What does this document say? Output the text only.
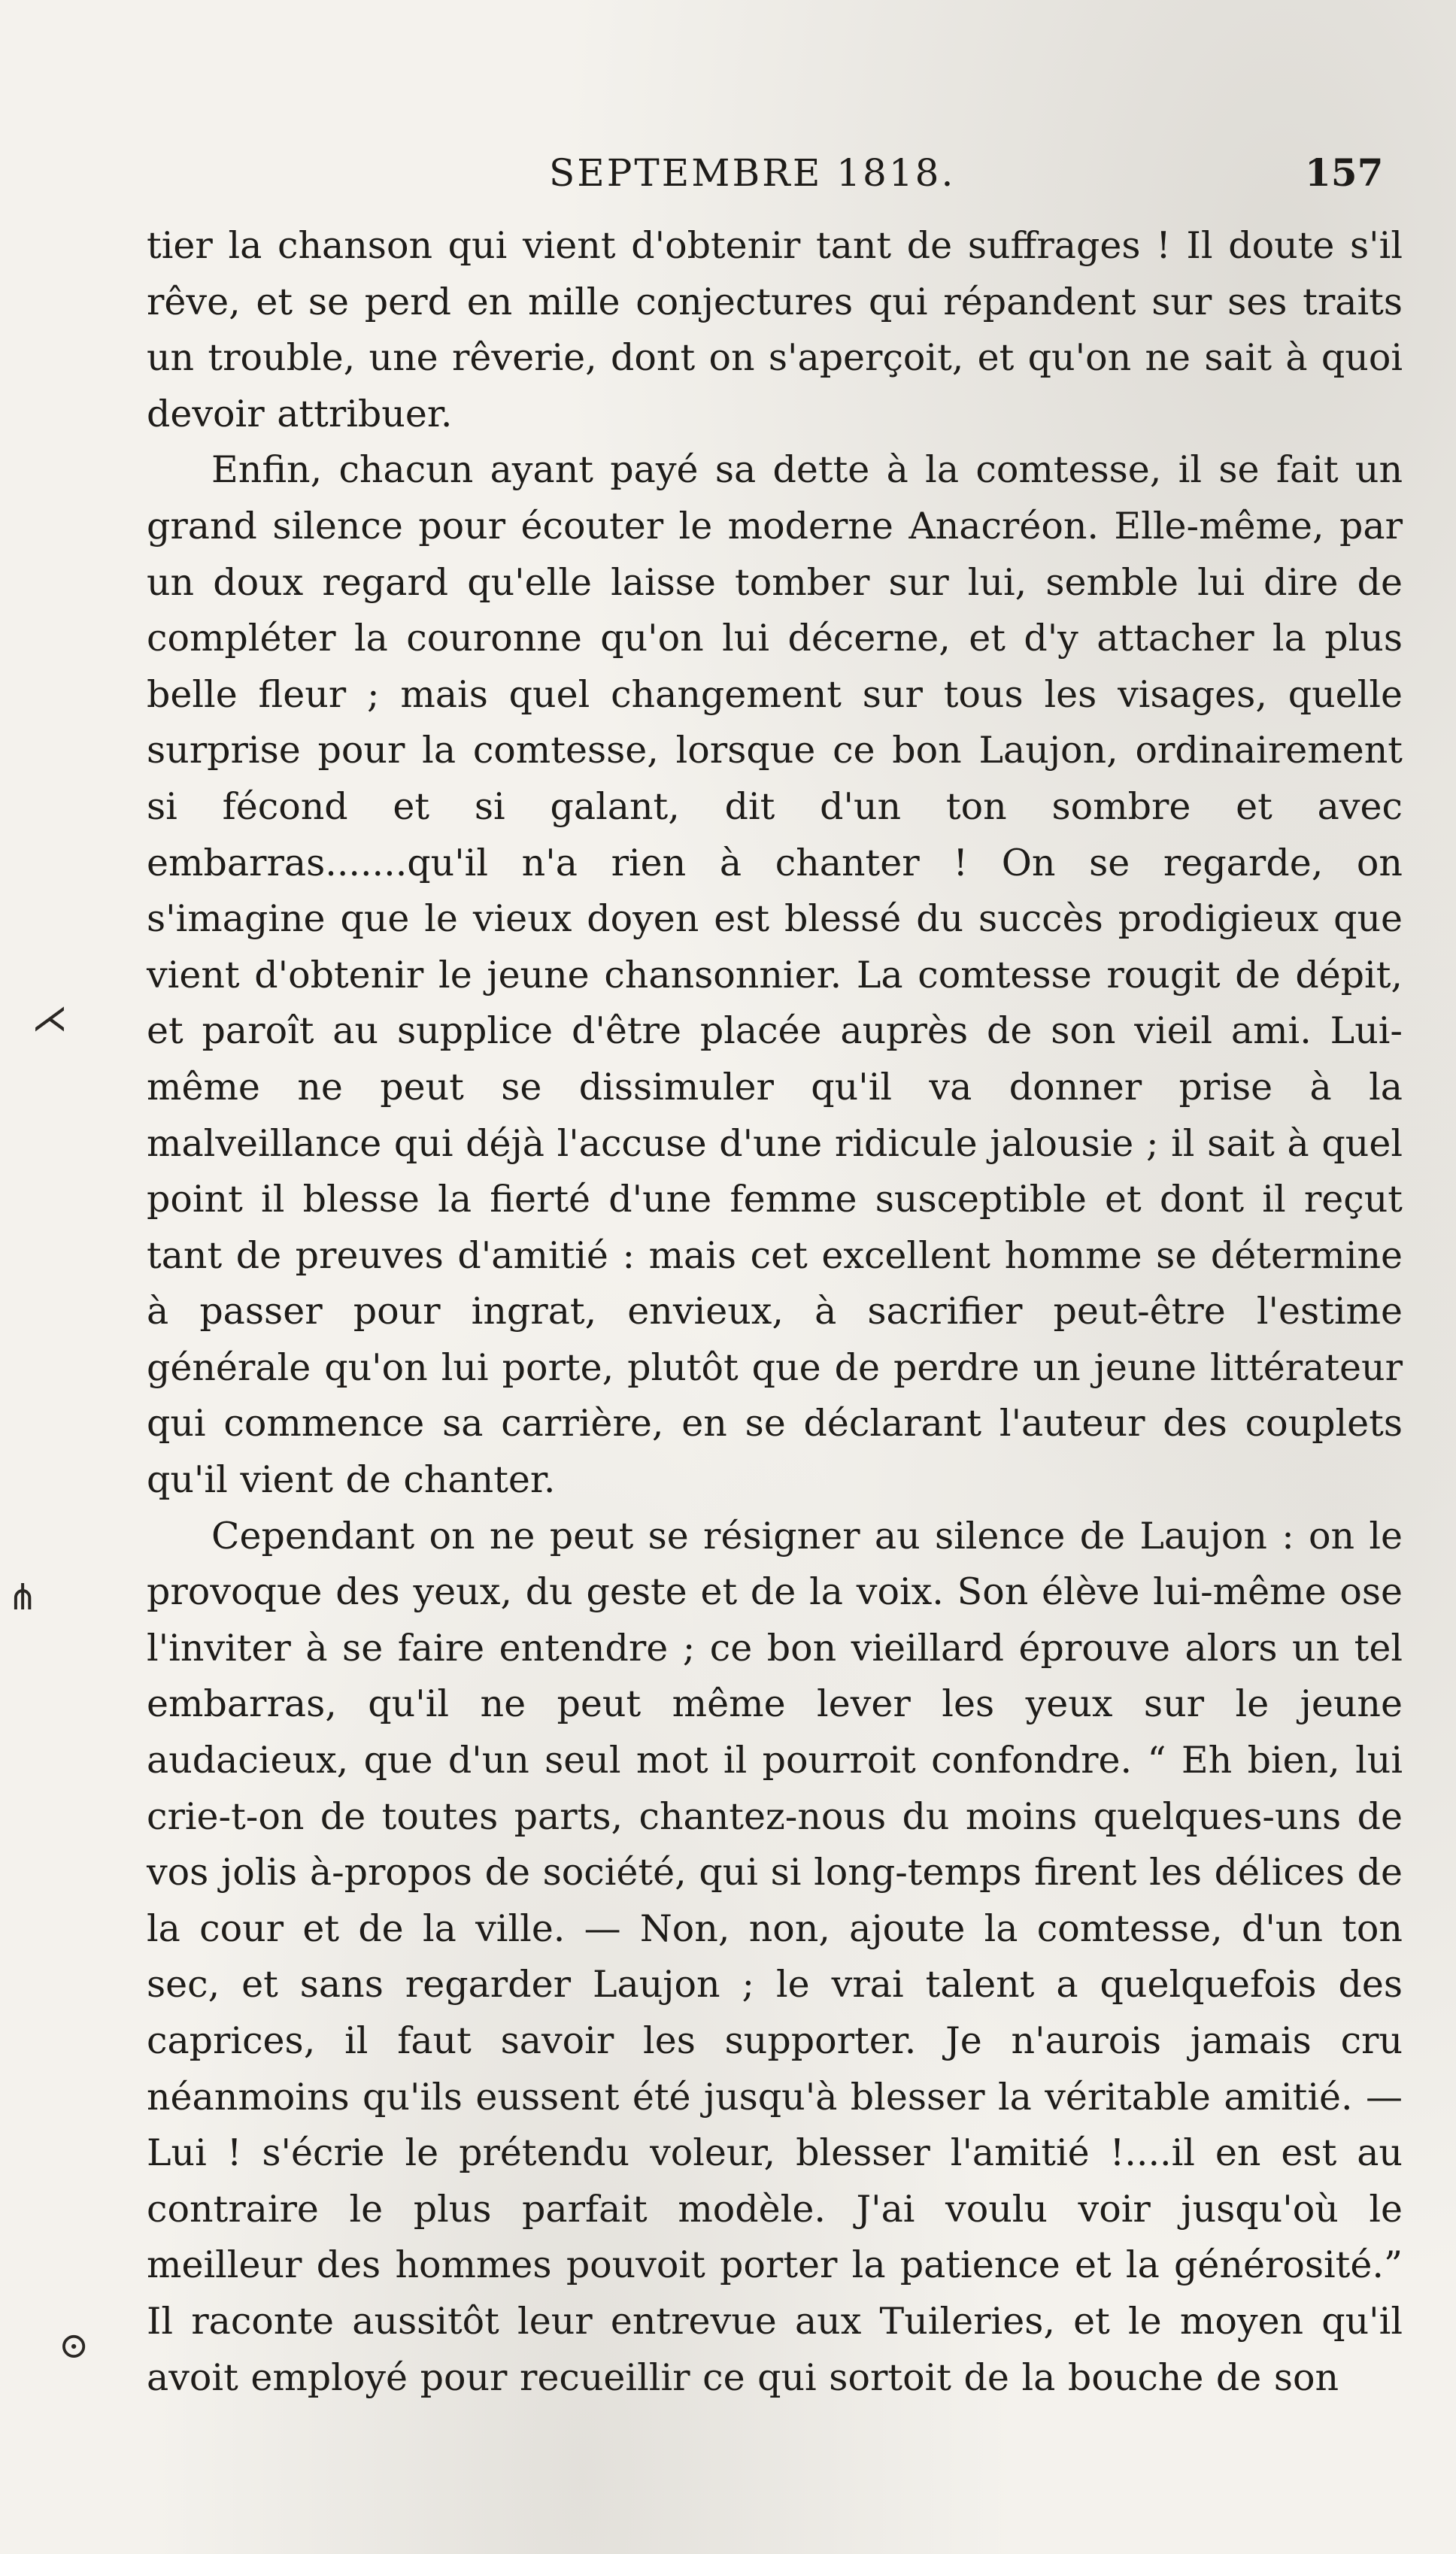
SEPTEMBRE 1818.	157

tier la chanson qui vient d'obtenir tant de suffrages ! Il doute s'il rêve, et se perd en mille conjectures qui répandent sur ses traits un trouble, une rêverie, dont on s'aperçoit, et qu'on ne sait à quoi devoir attribuer.

Enfin, chacun ayant payé sa dette à la comtesse, il se fait un grand silence pour écouter le moderne Anacréon. Elle-même, par un doux regard qu'elle laisse tomber sur lui, semble lui dire de compléter la couronne qu'on lui décerne, et d'y attacher la plus belle fleur ; mais quel changement sur tous les visages, quelle surprise pour la comtesse, lorsque ce bon Laujon, ordinairement si fécond et si galant, dit d'un ton sombre et avec embarras.......qu'il n'a rien à chanter ! On se regarde, on s'imagine que le vieux doyen est blessé du succès prodigieux que vient d'obtenir le jeune chansonnier. La comtesse rougit de dépit, et paroît au supplice d'être placée auprès de son vieil ami. Lui-même ne peut se dissimuler qu'il va donner prise à la malveillance qui déjà l'accuse d'une ridicule jalousie ; il sait à quel point il blesse la fierté d'une femme susceptible et dont il reçut tant de preuves d'amitié : mais cet excellent homme se détermine à passer pour ingrat, envieux, à sacrifier peut-être l'estime générale qu'on lui porte, plutôt que de perdre un jeune littérateur qui commence sa carrière, en se déclarant l'auteur des couplets qu'il vient de chanter.

Cependant on ne peut se résigner au silence de Laujon : on le provoque des yeux, du geste et de la voix. Son élève lui-même ose l'inviter à se faire entendre ; ce bon vieillard éprouve alors un tel embarras, qu'il ne peut même lever les yeux sur le jeune audacieux, que d'un seul mot il pourroit confondre. “ Eh bien, lui crie-t-on de toutes parts, chantez-nous du moins quelques-uns de vos jolis à-propos de société, qui si long-temps firent les délices de la cour et de la ville. — Non, non, ajoute la comtesse, d'un ton sec, et sans regarder Laujon ; le vrai talent a quelquefois des caprices, il faut savoir les supporter. Je n'aurois jamais cru néanmoins qu'ils eussent été jusqu'à blesser la véritable amitié. — Lui ! s'écrie le prétendu voleur, blesser l'amitié !....il en est au contraire le plus parfait modèle. J'ai voulu voir jusqu'où le meilleur des hommes pouvoit porter la patience et la générosité.” Il raconte aussitôt leur entrevue aux Tuileries, et le moyen qu'il avoit employé pour recueillir ce qui sortoit de la bouche de son

⋌
⋔
⊙
